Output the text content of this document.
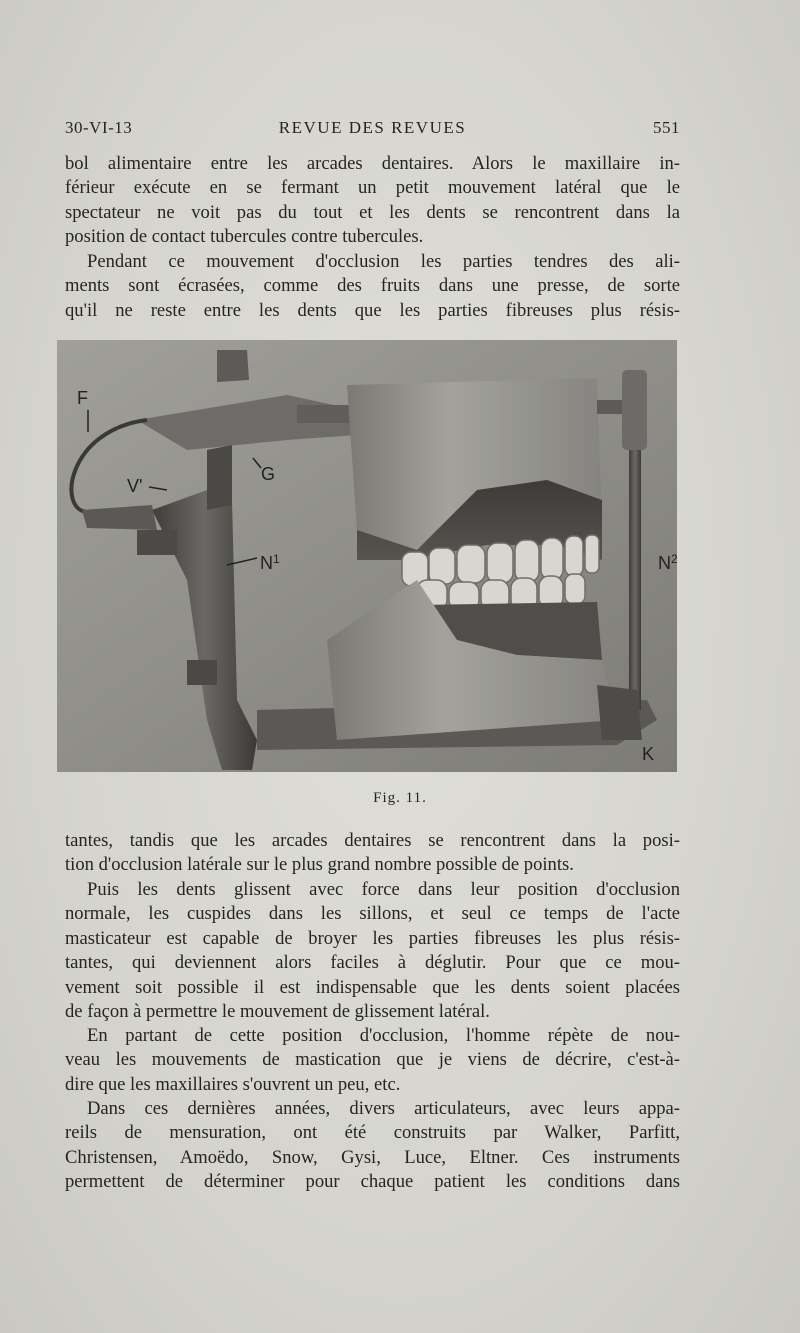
30-VI-13	REVUE DES REVUES	551

bol alimentaire entre les arcades dentaires. Alors le maxillaire in-
férieur exécute en se fermant un petit mouvement latéral que le
spectateur ne voit pas du tout et les dents se rencontrent dans la
position de contact tubercules contre tubercules.

Pendant ce mouvement d'occlusion les parties tendres des ali-
ments sont écrasées, comme des fruits dans une presse, de sorte
qu'il ne reste entre les dents que les parties fibreuses plus résis-

F
V'
G
$N^1$	$N^2$
K
Fig. 11.

tantes, tandis que les arcades dentaires se rencontrent dans la posi-
tion d'occlusion latérale sur le plus grand nombre possible de points.

Puis les dents glissent avec force dans leur position d'occlusion
normale, les cuspides dans les sillons, et seul ce temps de l'acte
masticateur est capable de broyer les parties fibreuses les plus résis-
tantes, qui deviennent alors faciles à déglutir. Pour que ce mou-
vement soit possible il est indispensable que les dents soient placées
de façon à permettre le mouvement de glissement latéral.

En partant de cette position d'occlusion, l'homme répète de nou-
veau les mouvements de mastication que je viens de décrire, c'est-à-
dire que les maxillaires s'ouvrent un peu, etc.

Dans ces dernières années, divers articulateurs, avec leurs appa-
reils de mensuration, ont été construits par Walker, Parfitt,
Christensen, Amoëdo, Snow, Gysi, Luce, Eltner. Ces instruments
permettent de déterminer pour chaque patient les conditions dans
